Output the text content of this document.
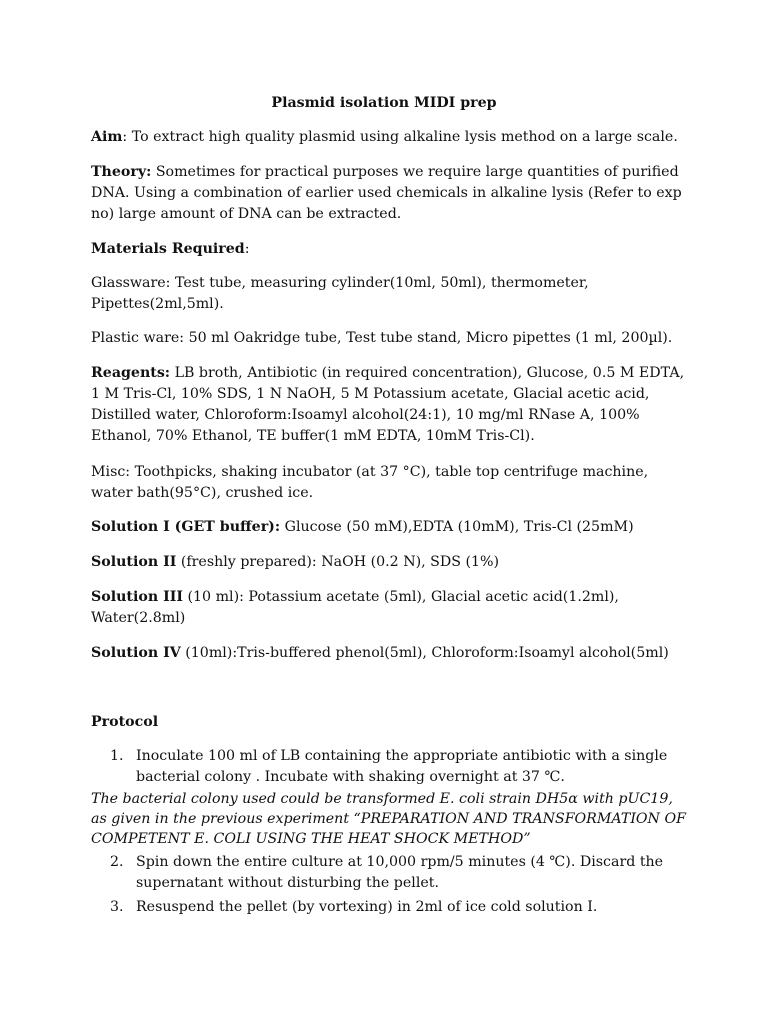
Plasmid isolation MIDI prep
Aim: To extract high quality plasmid using alkaline lysis method on a large scale.
Theory: Sometimes for practical purposes we require large quantities of purified DNA. Using a combination of earlier used chemicals in alkaline lysis (Refer to exp no) large amount of DNA can be extracted.
Materials Required:
Glassware: Test tube, measuring cylinder(10ml, 50ml), thermometer, Pipettes(2ml,5ml).
Plastic ware: 50 ml Oakridge tube, Test tube stand, Micro pipettes (1 ml, 200µl).
Reagents: LB broth, Antibiotic (in required concentration), Glucose, 0.5 M EDTA, 1 M Tris-Cl, 10% SDS, 1 N NaOH, 5 M Potassium acetate, Glacial acetic acid, Distilled water, Chloroform:Isoamyl alcohol(24:1), 10 mg/ml RNase A, 100% Ethanol, 70% Ethanol, TE buffer(1 mM EDTA, 10mM Tris-Cl).
Misc: Toothpicks, shaking incubator (at 37 °C), table top centrifuge machine, water bath(95°C), crushed ice.
Solution I (GET buffer): Glucose (50 mM),EDTA (10mM), Tris-Cl (25mM)
Solution II (freshly prepared): NaOH (0.2 N), SDS (1%)
Solution III (10 ml): Potassium acetate (5ml), Glacial acetic acid(1.2ml), Water(2.8ml)
Solution IV (10ml):Tris-buffered phenol(5ml), Chloroform:Isoamyl alcohol(5ml)
Protocol
1. Inoculate 100 ml of LB containing the appropriate antibiotic with a single bacterial colony . Incubate with shaking overnight at 37 ℃.
The bacterial colony used could be transformed E. coli strain DH5α with pUC19, as given in the previous experiment “PREPARATION AND TRANSFORMATION OF COMPETENT E. COLI USING THE HEAT SHOCK METHOD”
2. Spin down the entire culture at 10,000 rpm/5 minutes (4 ℃). Discard the supernatant without disturbing the pellet.
3. Resuspend the pellet (by vortexing) in 2ml of ice cold solution I.
